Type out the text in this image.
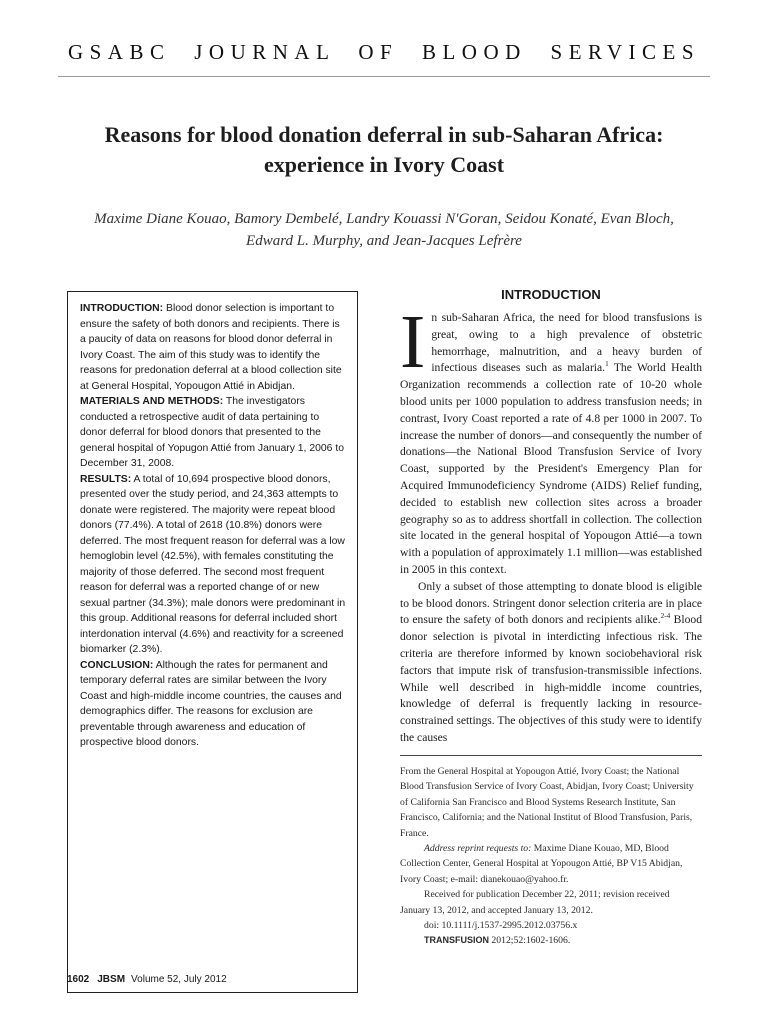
GSABC JOURNAL OF BLOOD SERVICES
Reasons for blood donation deferral in sub-Saharan Africa:
experience in Ivory Coast
Maxime Diane Kouao, Bamory Dembelé, Landry Kouassi N'Goran, Seidou Konaté, Evan Bloch,
Edward L. Murphy, and Jean-Jacques Lefrère

INTRODUCTION: Blood donor selection is important to ensure the safety of both donors and recipients. There is a paucity of data on reasons for blood donor deferral in Ivory Coast. The aim of this study was to identify the reasons for predonation deferral at a blood collection site at General Hospital, Yopougon Attié in Abidjan.

MATERIALS AND METHODS: The investigators conducted a retrospective audit of data pertaining to donor deferral for blood donors that presented to the general hospital of Yopugon Attié from January 1, 2006 to December 31, 2008.

RESULTS: A total of 10,694 prospective blood donors, presented over the study period, and 24,363 attempts to donate were registered. The majority were repeat blood donors (77.4%). A total of 2618 (10.8%) donors were deferred. The most frequent reason for deferral was a low hemoglobin level (42.5%), with females constituting the majority of those deferred. The second most frequent reason for deferral was a reported change of or new sexual partner (34.3%); male donors were predominant in this group. Additional reasons for deferral included short interdonation interval (4.6%) and reactivity for a screened biomarker (2.3%).

CONCLUSION: Although the rates for permanent and temporary deferral rates are similar between the Ivory Coast and high-middle income countries, the causes and demographics differ. The reasons for exclusion are preventable through awareness and education of prospective blood donors.

INTRODUCTION

In sub-Saharan Africa, the need for blood transfusions is great, owing to a high prevalence of obstetric hemorrhage, malnutrition, and a heavy burden of infectious diseases such as malaria.$^1$ The World Health Organization recommends a collection rate of 10-20 whole blood units per 1000 population to address transfusion needs; in contrast, Ivory Coast reported a rate of 4.8 per 1000 in 2007. To increase the number of donors—and consequently the number of donations—the National Blood Transfusion Service of Ivory Coast, supported by the President's Emergency Plan for Acquired Immunodeficiency Syndrome (AIDS) Relief funding, decided to establish new collection sites across a broader geography so as to address shortfall in collection. The collection site located in the general hospital of Yopougon Attié—a town with a population of approximately 1.1 million—was established in 2005 in this context.

Only a subset of those attempting to donate blood is eligible to be blood donors. Stringent donor selection criteria are in place to ensure the safety of both donors and recipients alike.$^{2-4}$ Blood donor selection is pivotal in interdicting infectious risk. The criteria are therefore informed by known sociobehavioral risk factors that impute risk of transfusion-transmissible infections. While well described in high-middle income countries, knowledge of deferral is frequently lacking in resource-constrained settings. The objectives of this study were to identify the causes

From the General Hospital at Yopougon Attié, Ivory Coast; the National Blood Transfusion Service of Ivory Coast, Abidjan, Ivory Coast; University of California San Francisco and Blood Systems Research Institute, San Francisco, California; and the National Institut of Blood Transfusion, Paris, France.

Address reprint requests to: Maxime Diane Kouao, MD, Blood Collection Center, General Hospital at Yopougon Attié, BP V15 Abidjan, Ivory Coast; e-mail: dianekouao@yahoo.fr.

Received for publication December 22, 2011; revision received January 13, 2012, and accepted January 13, 2012.

doi: 10.1111/j.1537-2995.2012.03756.x

TRANSFUSION 2012;52:1602-1606.

1602 JBSM Volume 52, July 2012
